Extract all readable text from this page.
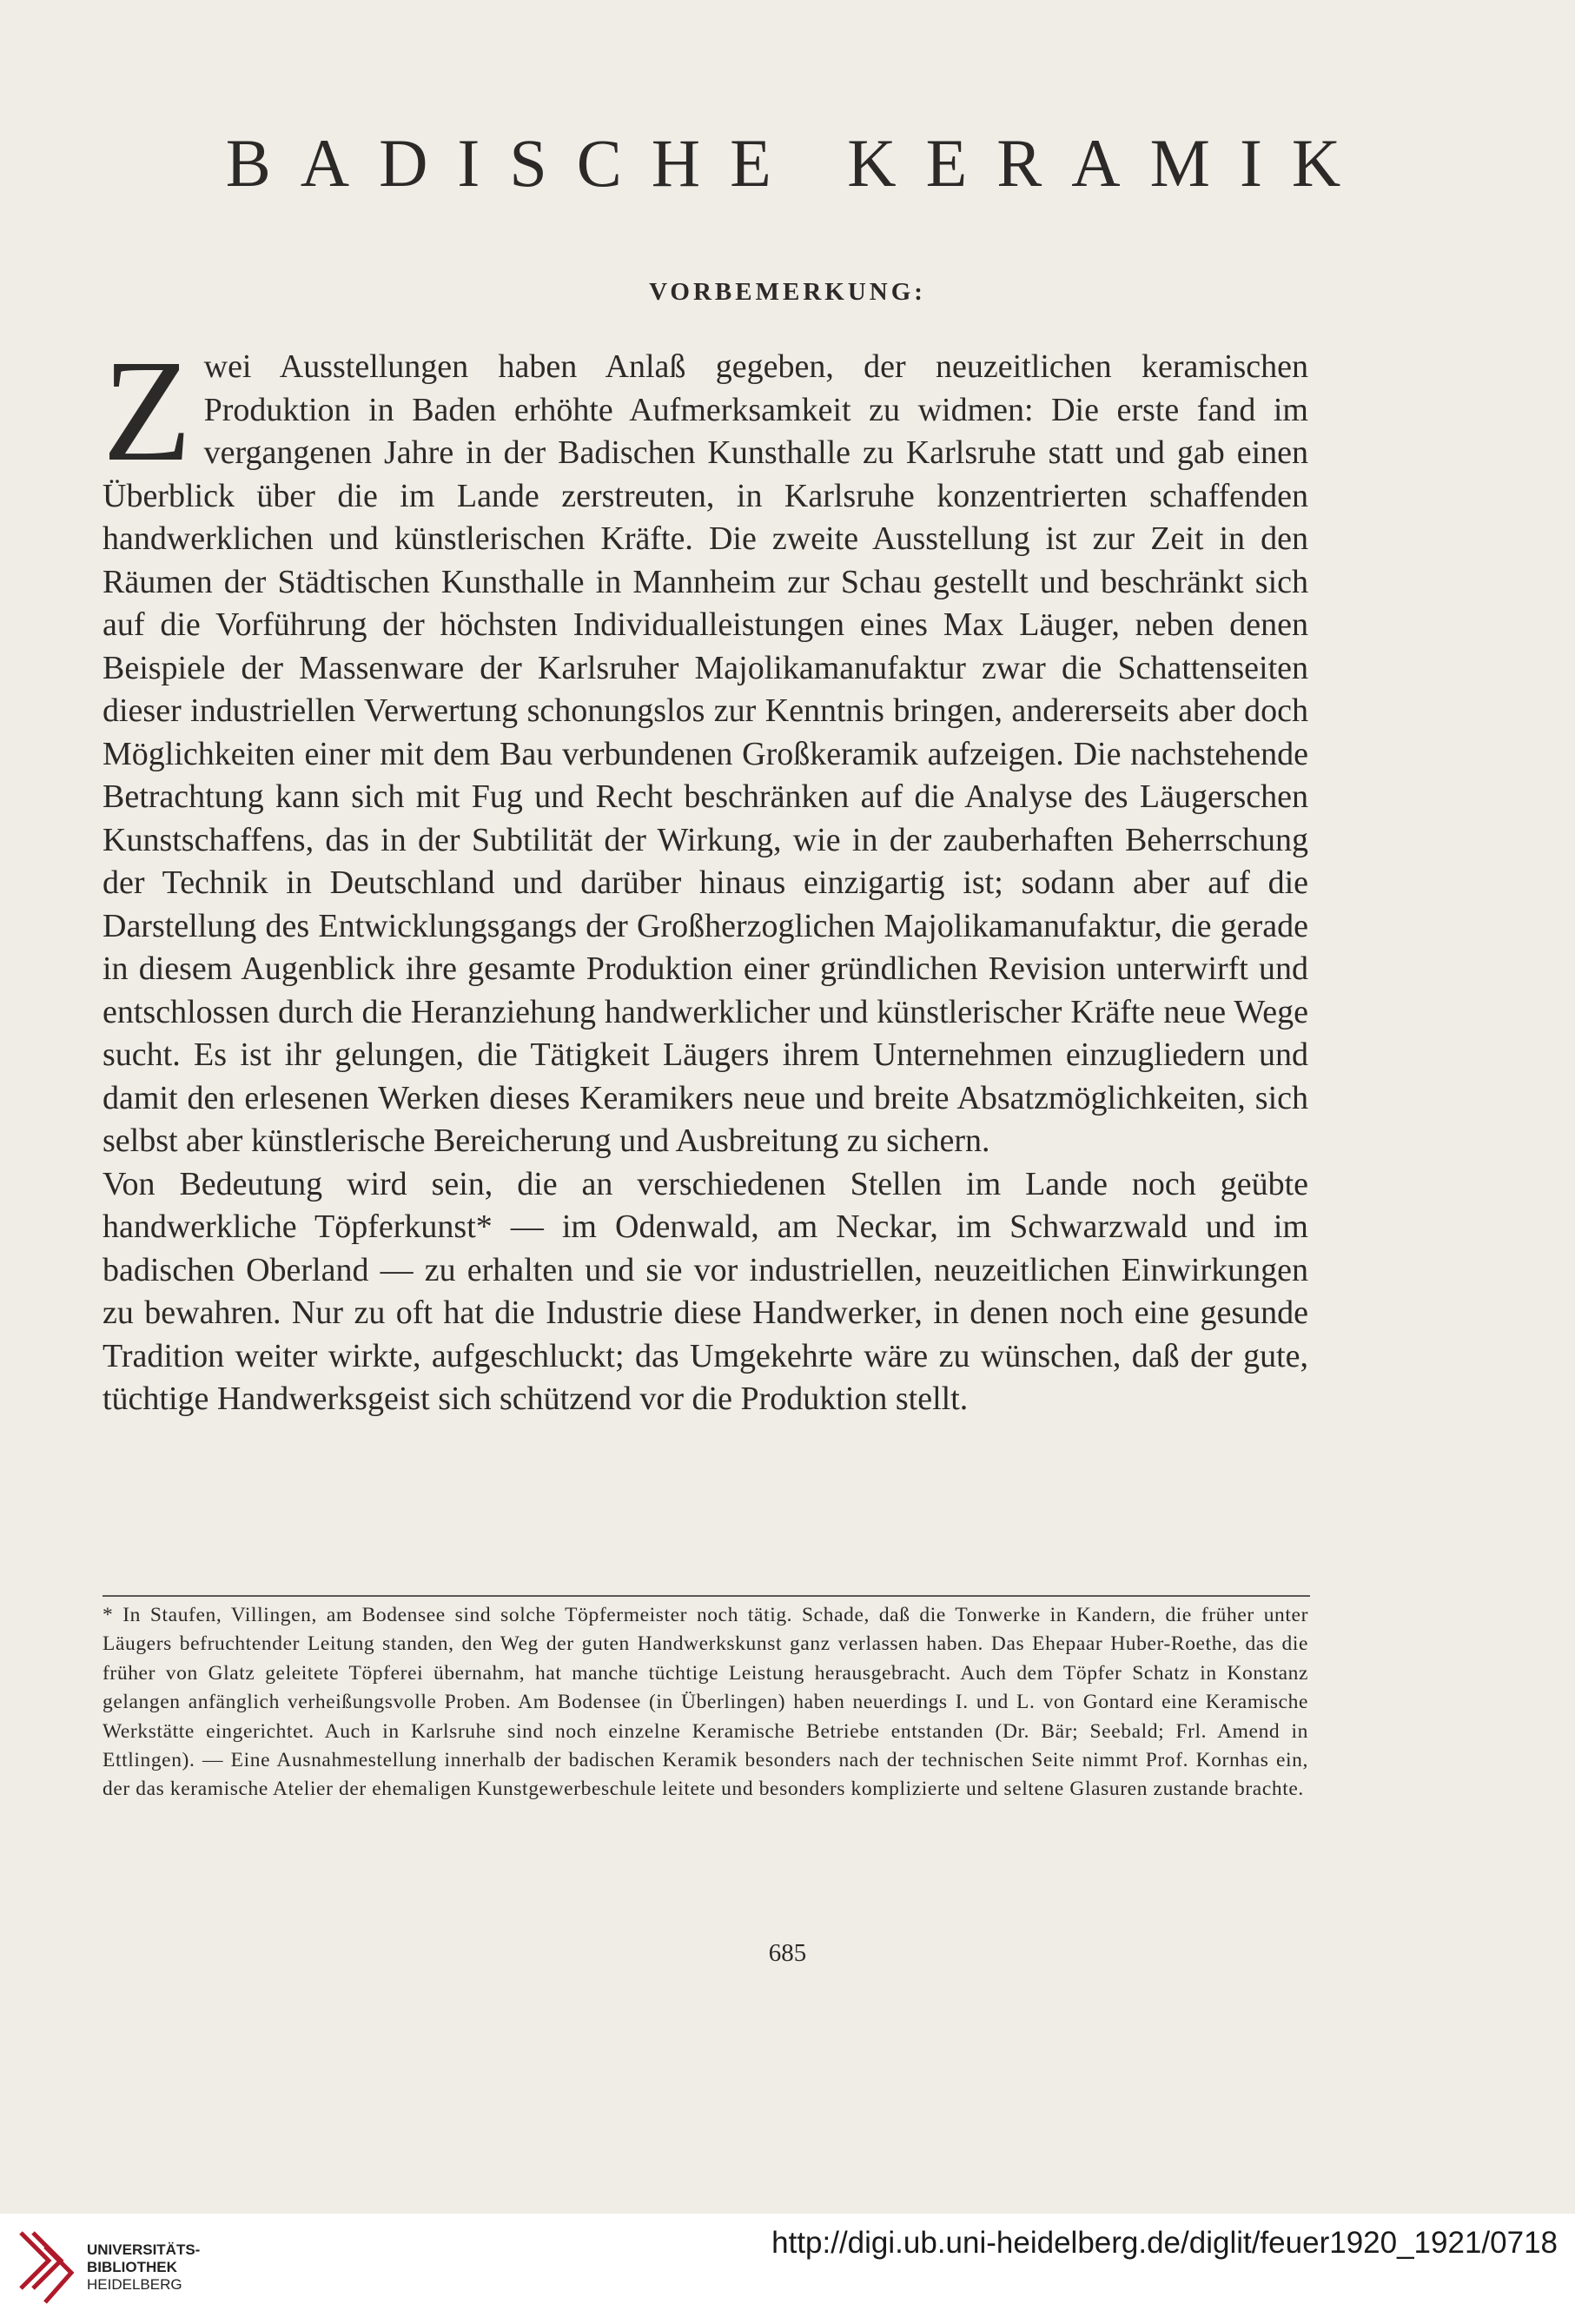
BADISCHE KERAMIK
VORBEMERKUNG:

Zwei Ausstellungen haben Anlaß gegeben, der neuzeitlichen keramischen Produktion in Baden erhöhte Aufmerksamkeit zu widmen: Die erste fand im vergangenen Jahre in der Badischen Kunsthalle zu Karlsruhe statt und gab einen Überblick über die im Lande zerstreuten, in Karlsruhe konzentrierten schaffenden handwerklichen und künstlerischen Kräfte. Die zweite Ausstellung ist zur Zeit in den Räumen der Städtischen Kunsthalle in Mannheim zur Schau gestellt und beschränkt sich auf die Vorführung der höchsten Individualleistungen eines Max Läuger, neben denen Beispiele der Massenware der Karlsruher Majolikamanufaktur zwar die Schattenseiten dieser industriellen Verwertung schonungslos zur Kenntnis bringen, andererseits aber doch Möglichkeiten einer mit dem Bau verbundenen Großkeramik aufzeigen. Die nachstehende Betrachtung kann sich mit Fug und Recht beschränken auf die Analyse des Läugerschen Kunstschaffens, das in der Subtilität der Wirkung, wie in der zauberhaften Beherrschung der Technik in Deutschland und darüber hinaus einzigartig ist; sodann aber auf die Darstellung des Entwicklungsgangs der Großherzoglichen Majolikamanufaktur, die gerade in diesem Augenblick ihre gesamte Produktion einer gründlichen Revision unterwirft und entschlossen durch die Heranziehung handwerklicher und künstlerischer Kräfte neue Wege sucht. Es ist ihr gelungen, die Tätigkeit Läugers ihrem Unternehmen einzugliedern und damit den erlesenen Werken dieses Keramikers neue und breite Absatzmöglichkeiten, sich selbst aber künstlerische Bereicherung und Ausbreitung zu sichern.

Von Bedeutung wird sein, die an verschiedenen Stellen im Lande noch geübte handwerkliche Töpferkunst* — im Odenwald, am Neckar, im Schwarzwald und im badischen Oberland — zu erhalten und sie vor industriellen, neuzeitlichen Einwirkungen zu bewahren. Nur zu oft hat die Industrie diese Handwerker, in denen noch eine gesunde Tradition weiter wirkte, aufgeschluckt; das Umgekehrte wäre zu wünschen, daß der gute, tüchtige Handwerksgeist sich schützend vor die Produktion stellt.

* In Staufen, Villingen, am Bodensee sind solche Töpfermeister noch tätig. Schade, daß die Tonwerke in Kandern, die früher unter Läugers befruchtender Leitung standen, den Weg der guten Handwerkskunst ganz verlassen haben. Das Ehepaar Huber-Roethe, das die früher von Glatz geleitete Töpferei übernahm, hat manche tüchtige Leistung herausgebracht. Auch dem Töpfer Schatz in Konstanz gelangen anfänglich verheißungsvolle Proben. Am Bodensee (in Überlingen) haben neuerdings I. und L. von Gontard eine Keramische Werkstätte eingerichtet. Auch in Karlsruhe sind noch einzelne Keramische Betriebe entstanden (Dr. Bär; Seebald; Frl. Amend in Ettlingen). — Eine Ausnahmestellung innerhalb der badischen Keramik besonders nach der technischen Seite nimmt Prof. Kornhas ein, der das keramische Atelier der ehemaligen Kunstgewerbeschule leitete und besonders komplizierte und seltene Glasuren zustande brachte.
685
UNIVERSITÄTS-
BIBLIOTHEK
HEIDELBERG
http://digi.ub.uni-heidelberg.de/diglit/feuer1920_1921/0718
